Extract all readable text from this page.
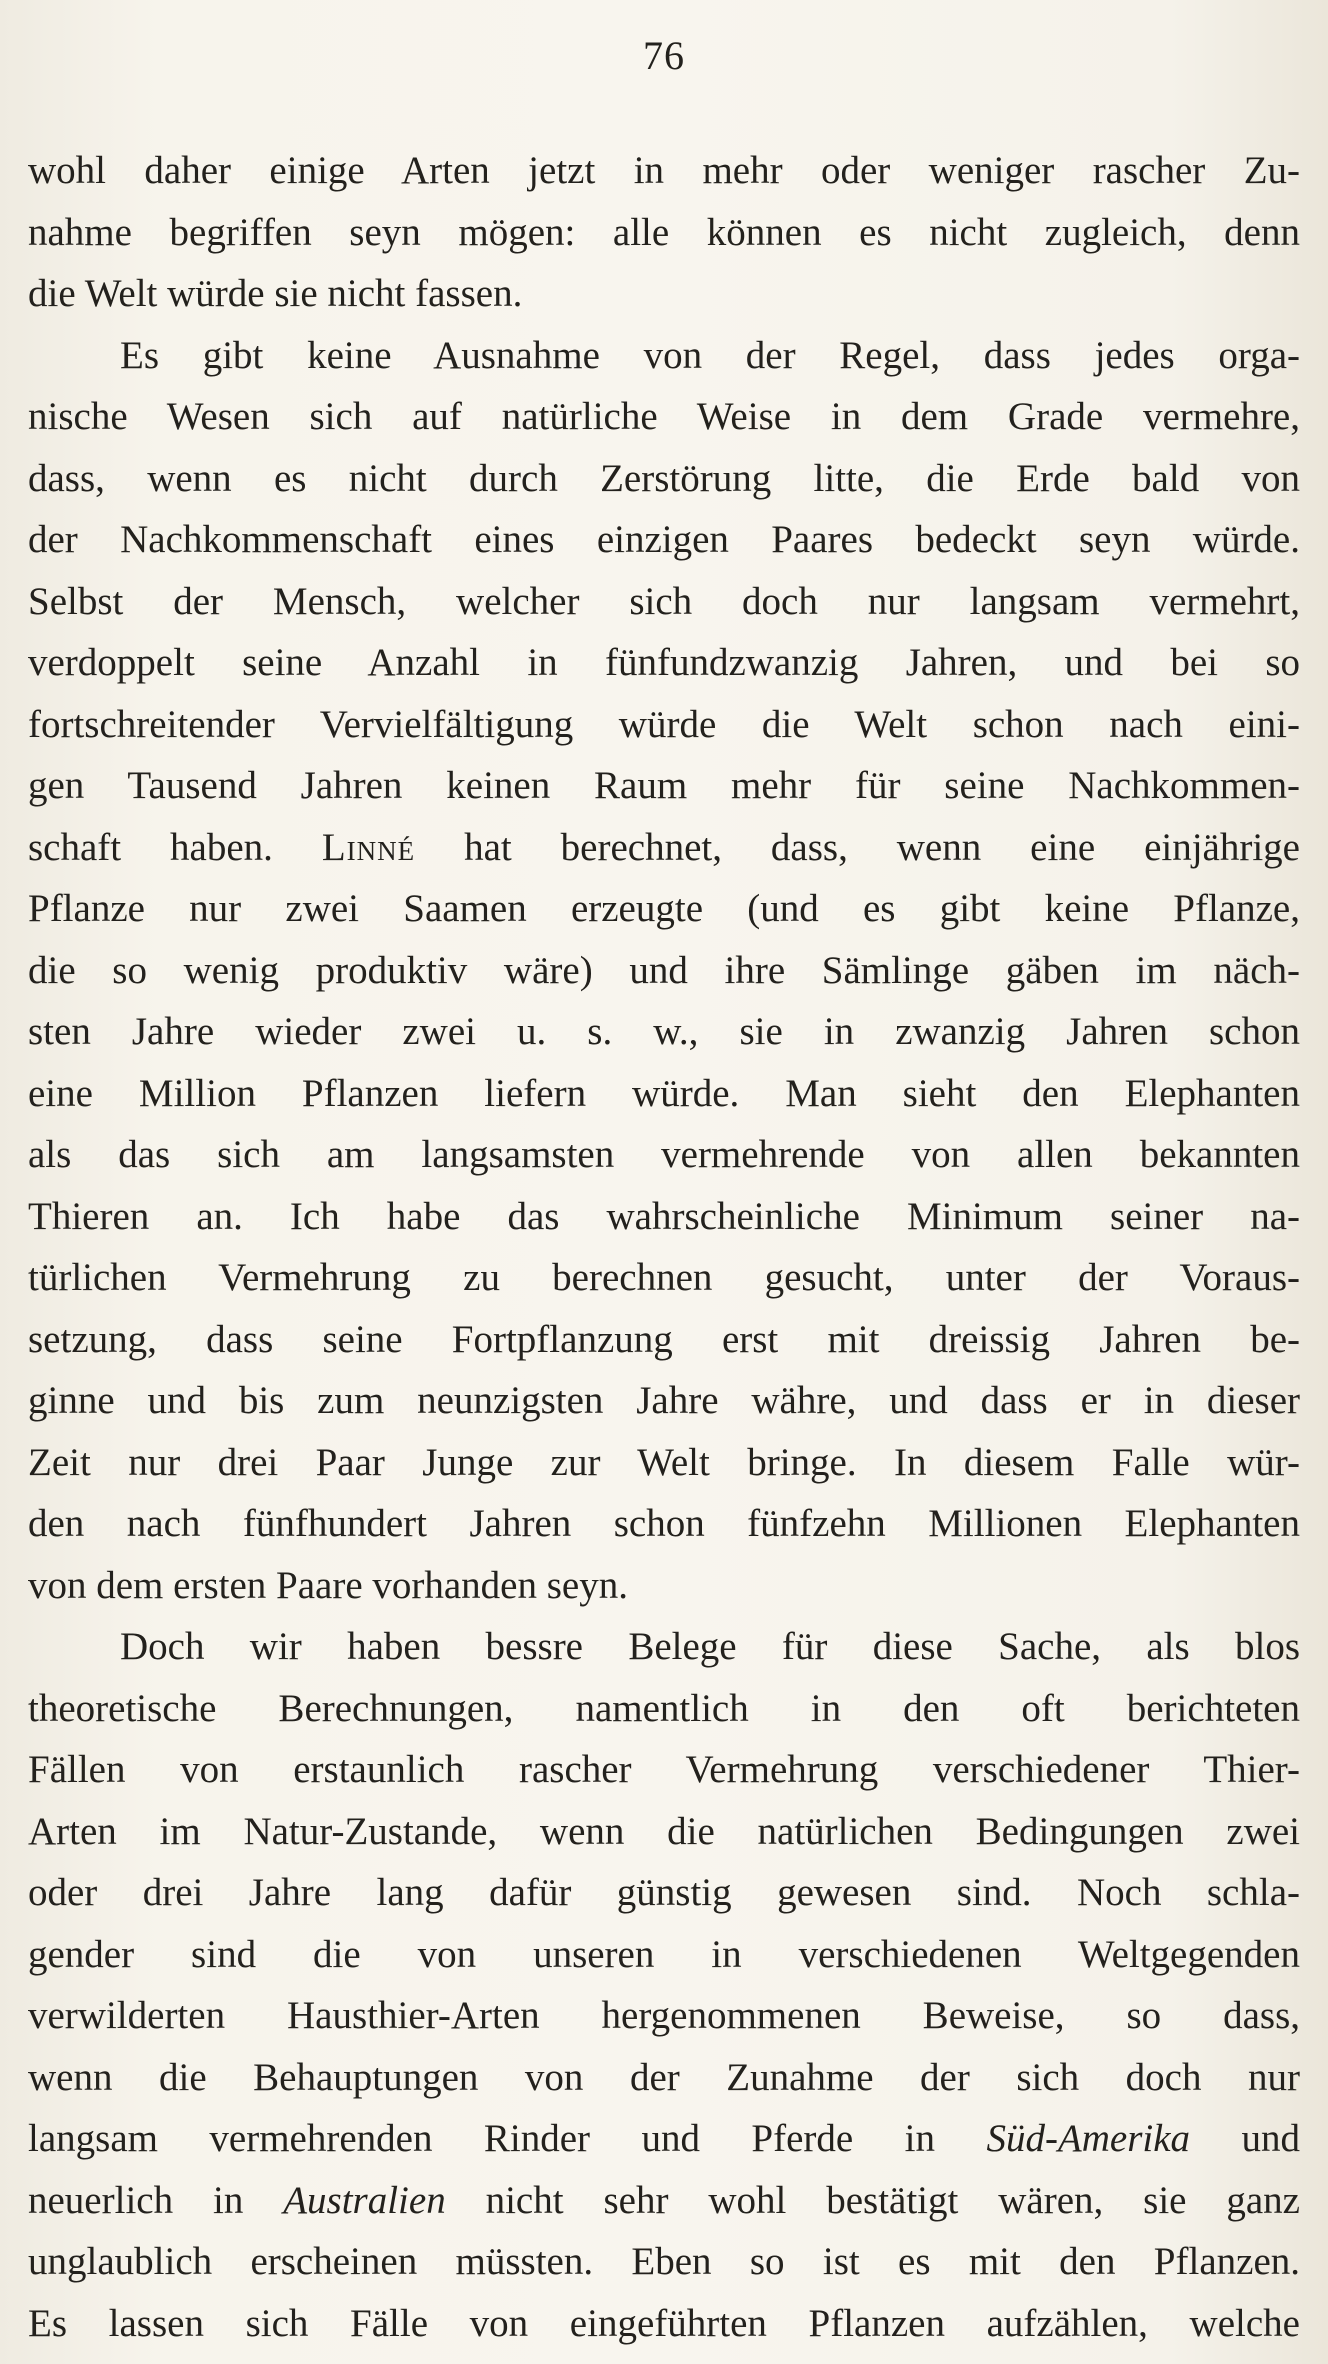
76
wohl daher einige Arten jetzt in mehr oder weniger rascher Zu-
nahme begriffen seyn mögen: alle können es nicht zugleich, denn
die Welt würde sie nicht fassen.
Es gibt keine Ausnahme von der Regel, dass jedes orga-
nische Wesen sich auf natürliche Weise in dem Grade vermehre,
dass, wenn es nicht durch Zerstörung litte, die Erde bald von
der Nachkommenschaft eines einzigen Paares bedeckt seyn würde.
Selbst der Mensch, welcher sich doch nur langsam vermehrt,
verdoppelt seine Anzahl in fünfundzwanzig Jahren, und bei so
fortschreitender Vervielfältigung würde die Welt schon nach eini-
gen Tausend Jahren keinen Raum mehr für seine Nachkommen-
schaft haben. Linné hat berechnet, dass, wenn eine einjährige
Pflanze nur zwei Saamen erzeugte (und es gibt keine Pflanze,
die so wenig produktiv wäre) und ihre Sämlinge gäben im näch-
sten Jahre wieder zwei u. s. w., sie in zwanzig Jahren schon
eine Million Pflanzen liefern würde. Man sieht den Elephanten
als das sich am langsamsten vermehrende von allen bekannten
Thieren an. Ich habe das wahrscheinliche Minimum seiner na-
türlichen Vermehrung zu berechnen gesucht, unter der Voraus-
setzung, dass seine Fortpflanzung erst mit dreissig Jahren be-
ginne und bis zum neunzigsten Jahre währe, und dass er in dieser
Zeit nur drei Paar Junge zur Welt bringe. In diesem Falle wür-
den nach fünfhundert Jahren schon fünfzehn Millionen Elephanten
von dem ersten Paare vorhanden seyn.
Doch wir haben bessre Belege für diese Sache, als blos
theoretische Berechnungen, namentlich in den oft berichteten
Fällen von erstaunlich rascher Vermehrung verschiedener Thier-
Arten im Natur-Zustande, wenn die natürlichen Bedingungen zwei
oder drei Jahre lang dafür günstig gewesen sind. Noch schla-
gender sind die von unseren in verschiedenen Weltgegenden
verwilderten Hausthier-Arten hergenommenen Beweise, so dass,
wenn die Behauptungen von der Zunahme der sich doch nur
langsam vermehrenden Rinder und Pferde in Süd-Amerika und
neuerlich in Australien nicht sehr wohl bestätigt wären, sie ganz
unglaublich erscheinen müssten. Eben so ist es mit den Pflanzen.
Es lassen sich Fälle von eingeführten Pflanzen aufzählen, welche
